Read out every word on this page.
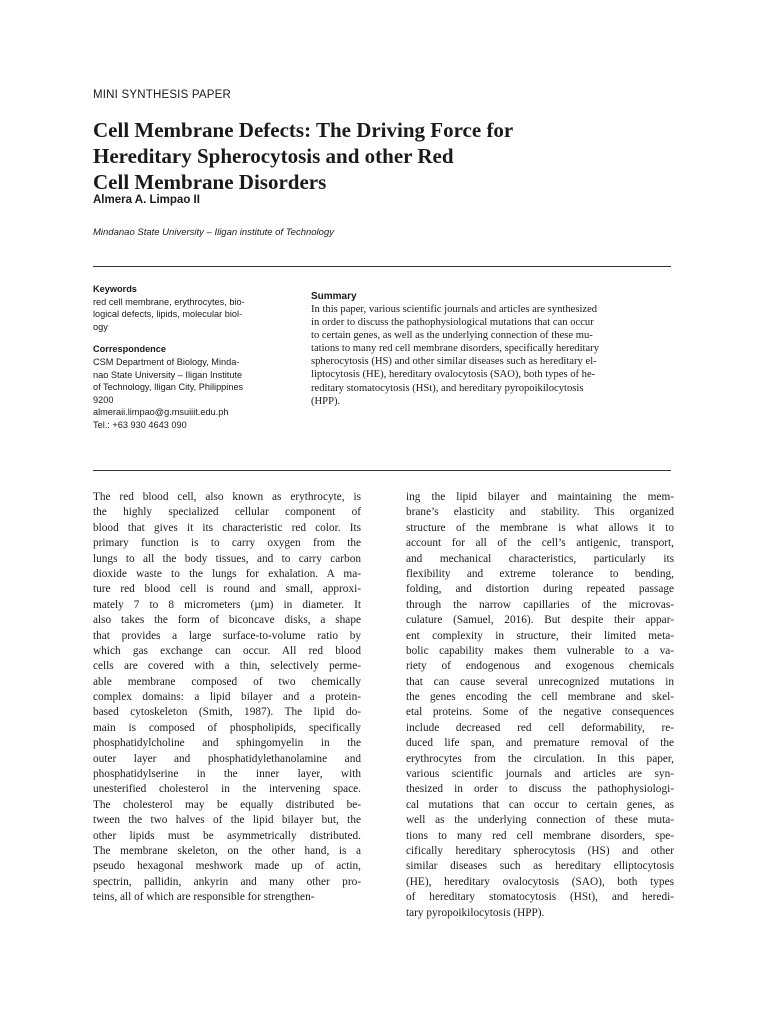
MINI SYNTHESIS PAPER
Cell Membrane Defects: The Driving Force for
Hereditary Spherocytosis and other Red
Cell Membrane Disorders
Almera A. Limpao II
Mindanao State University – Iligan institute of Technology
Keywords
red cell membrane, erythrocytes, bio-
logical defects, lipids, molecular biol-
ogy
Correspondence
CSM Department of Biology, Minda-
nao State University – Iligan Institute
of Technology, Iligan City, Philippines
9200
almeraii.limpao@g.msuiiit.edu.ph
Tel.: +63 930 4643 090
Summary
In this paper, various scientific journals and articles are synthesized
in order to discuss the pathophysiological mutations that can occur
to certain genes, as well as the underlying connection of these mu-
tations to many red cell membrane disorders, specifically hereditary
spherocytosis (HS) and other similar diseases such as hereditary el-
liptocytosis (HE), hereditary ovalocytosis (SAO), both types of he-
reditary stomatocytosis (HSt), and hereditary pyropoikilocytosis
(HPP).
The red blood cell, also known as erythrocyte, is
the highly specialized cellular component of
blood that gives it its characteristic red color. Its
primary function is to carry oxygen from the
lungs to all the body tissues, and to carry carbon
dioxide waste to the lungs for exhalation. A ma-
ture red blood cell is round and small, approxi-
mately 7 to 8 micrometers (µm) in diameter. It
also takes the form of biconcave disks, a shape
that provides a large surface-to-volume ratio by
which gas exchange can occur. All red blood
cells are covered with a thin, selectively perme-
able membrane composed of two chemically
complex domains: a lipid bilayer and a protein-
based cytoskeleton (Smith, 1987). The lipid do-
main is composed of phospholipids, specifically
phosphatidylcholine and sphingomyelin in the
outer layer and phosphatidylethanolamine and
phosphatidylserine in the inner layer, with
unesterified cholesterol in the intervening space.
The cholesterol may be equally distributed be-
tween the two halves of the lipid bilayer but, the
other lipids must be asymmetrically distributed.
The membrane skeleton, on the other hand, is a
pseudo hexagonal meshwork made up of actin,
spectrin, pallidin, ankyrin and many other pro-
teins, all of which are responsible for strengthen-
ing the lipid bilayer and maintaining the mem-
brane’s elasticity and stability. This organized
structure of the membrane is what allows it to
account for all of the cell’s antigenic, transport,
and mechanical characteristics, particularly its
flexibility and extreme tolerance to bending,
folding, and distortion during repeated passage
through the narrow capillaries of the microvas-
culature (Samuel, 2016). But despite their appar-
ent complexity in structure, their limited meta-
bolic capability makes them vulnerable to a va-
riety of endogenous and exogenous chemicals
that can cause several unrecognized mutations in
the genes encoding the cell membrane and skel-
etal proteins. Some of the negative consequences
include decreased red cell deformability, re-
duced life span, and premature removal of the
erythrocytes from the circulation. In this paper,
various scientific journals and articles are syn-
thesized in order to discuss the pathophysiologi-
cal mutations that can occur to certain genes, as
well as the underlying connection of these muta-
tions to many red cell membrane disorders, spe-
cifically hereditary spherocytosis (HS) and other
similar diseases such as hereditary elliptocytosis
(HE), hereditary ovalocytosis (SAO), both types
of hereditary stomatocytosis (HSt), and heredi-
tary pyropoikilocytosis (HPP).
